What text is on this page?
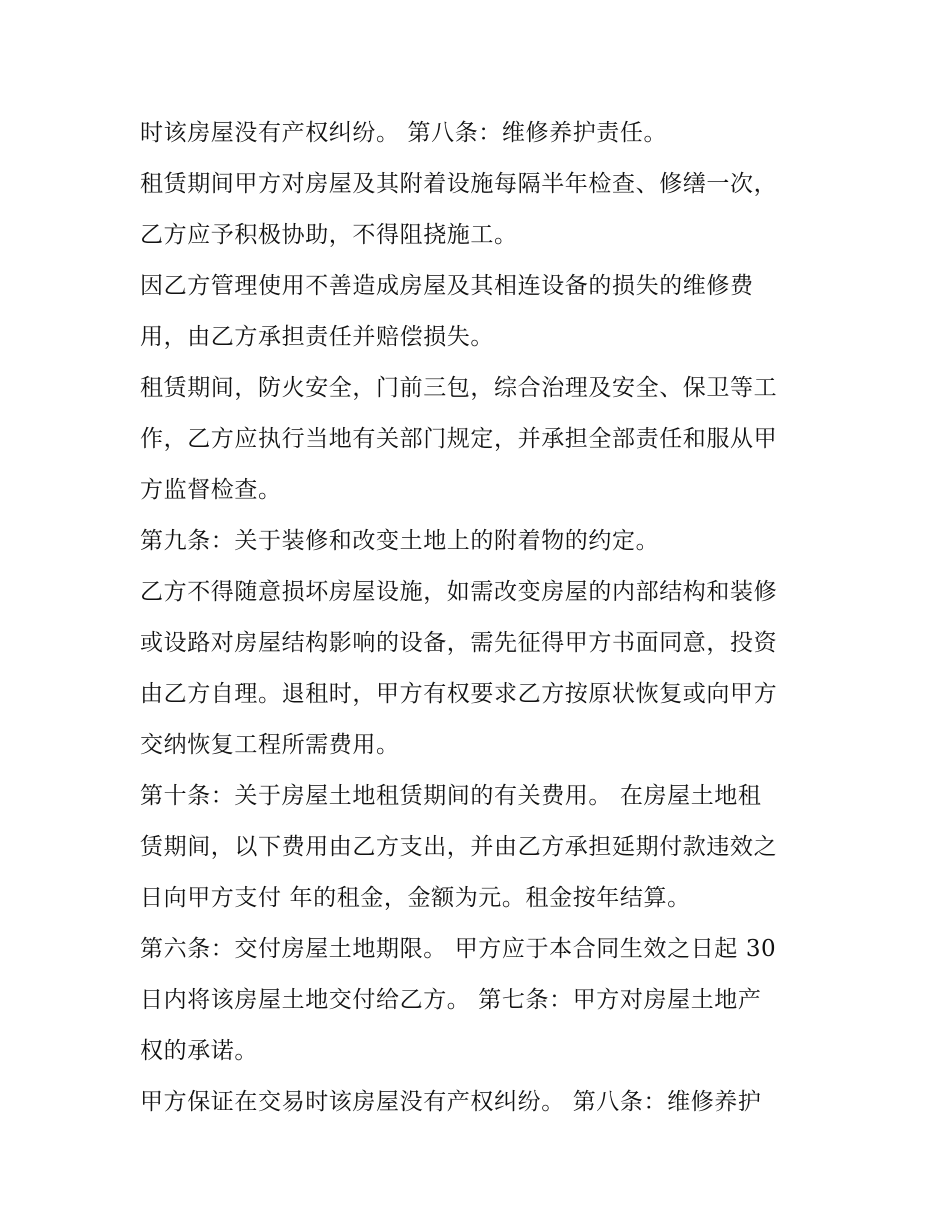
时该房屋没有产权纠纷。 第八条：维修养护责任。

租赁期间甲方对房屋及其附着设施每隔半年检查、修缮一次，
乙方应予积极协助，不得阻挠施工。

因乙方管理使用不善造成房屋及其相连设备的损失的维修费
用，由乙方承担责任并赔偿损失。

租赁期间，防火安全，门前三包，综合治理及安全、保卫等工
作，乙方应执行当地有关部门规定，并承担全部责任和服从甲
方监督检查。

第九条：关于装修和改变土地上的附着物的约定。

乙方不得随意损坏房屋设施，如需改变房屋的内部结构和装修
或设路对房屋结构影响的设备，需先征得甲方书面同意，投资
由乙方自理。退租时，甲方有权要求乙方按原状恢复或向甲方
交纳恢复工程所需费用。

第十条：关于房屋土地租赁期间的有关费用。 在房屋土地租
赁期间，以下费用由乙方支出，并由乙方承担延期付款违效之
日向甲方支付 年的租金，金额为元。租金按年结算。

第六条：交付房屋土地期限。 甲方应于本合同生效之日起 30
日内将该房屋土地交付给乙方。 第七条：甲方对房屋土地产
权的承诺。

甲方保证在交易时该房屋没有产权纠纷。 第八条：维修养护
